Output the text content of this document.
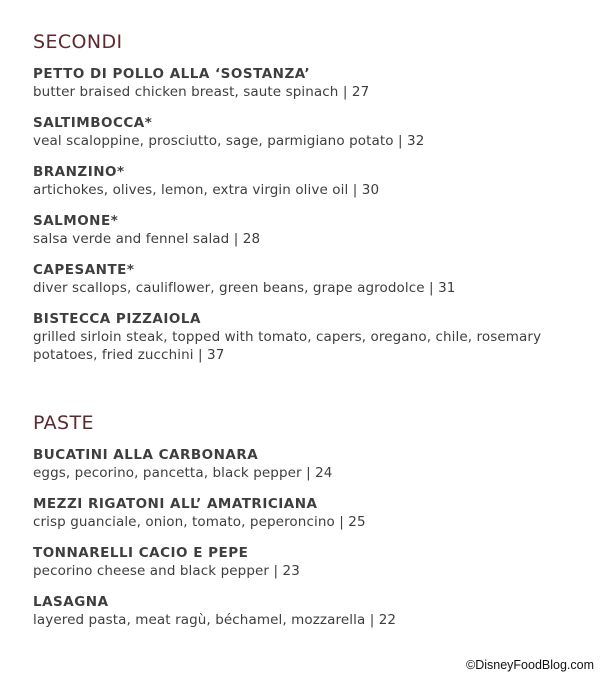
SECONDI
PETTO DI POLLO ALLA ‘SOSTANZA’
butter braised chicken breast, saute spinach | 27
SALTIMBOCCA*
veal scaloppine, prosciutto, sage, parmigiano potato | 32
BRANZINO*
artichokes, olives, lemon, extra virgin olive oil | 30
SALMONE*
salsa verde and fennel salad | 28
CAPESANTE*
diver scallops, cauliflower, green beans, grape agrodolce | 31
BISTECCA PIZZAIOLA
grilled sirloin steak, topped with tomato, capers, oregano, chile, rosemary potatoes, fried zucchini | 37
PASTE
BUCATINI ALLA CARBONARA
eggs, pecorino, pancetta, black pepper | 24
MEZZI RIGATONI ALL’ AMATRICIANA
crisp guanciale, onion, tomato, peperoncino | 25
TONNARELLI CACIO E PEPE
pecorino cheese and black pepper | 23
LASAGNA
layered pasta, meat ragù, béchamel, mozzarella | 22
©DisneyFoodBlog.com
